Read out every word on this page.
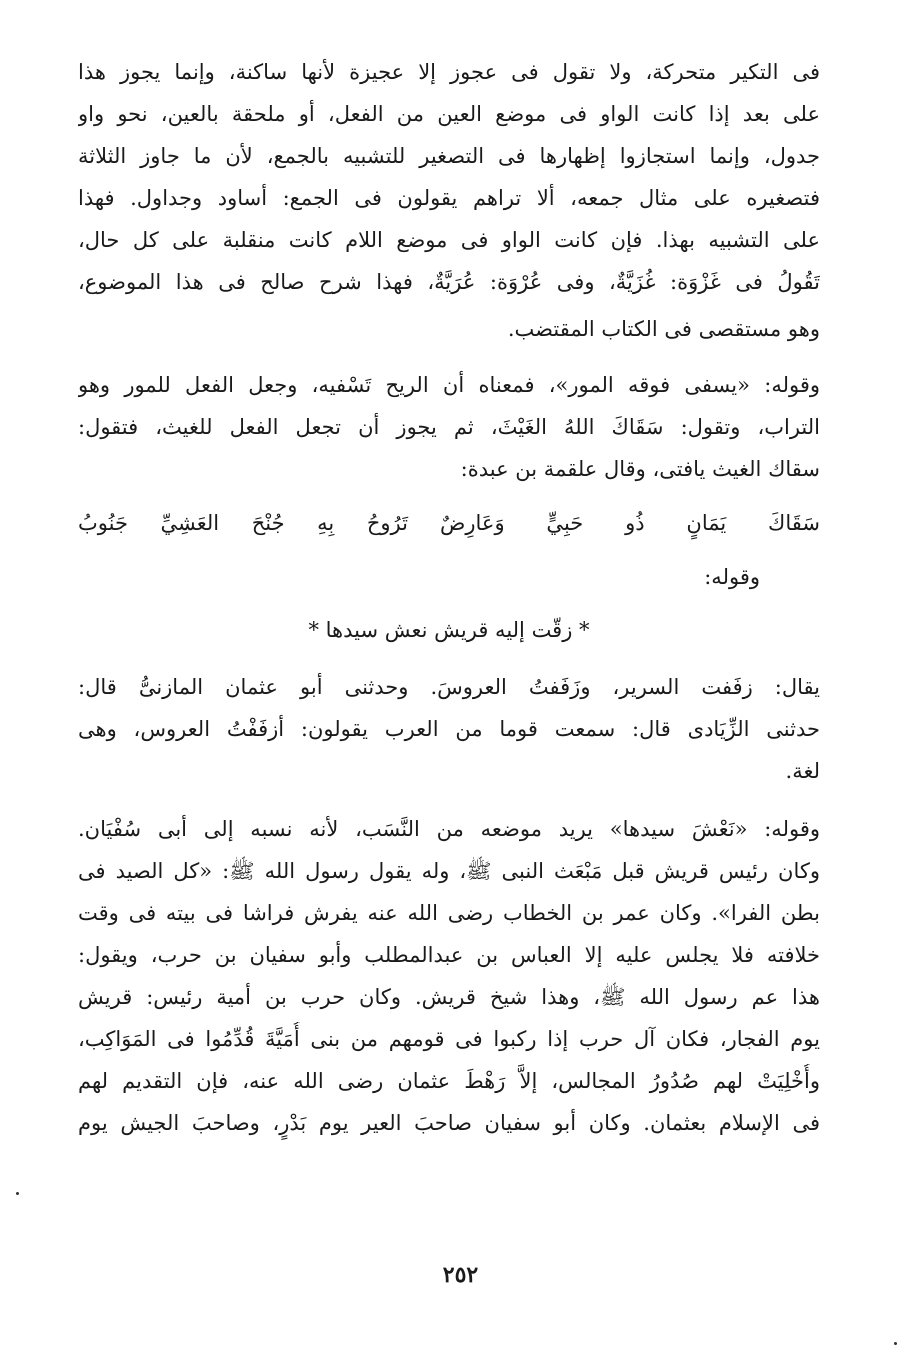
فى التكير متحركة، ولا تقول فى عجوز إلا عجيزة لأنها ساكنة، وإنما يجوز هذا
على بعد إذا كانت الواو فى موضع العين من الفعل، أو ملحقة بالعين، نحو واو
جدول، وإنما استجازوا إظهارها فى التصغير للتشبيه بالجمع، لأن ما جاوز الثلاثة
فتصغيره على مثال جمعه، ألا تراهم يقولون فى الجمع: أساود وجداول. فهذا
على التشبيه بهذا. فإن كانت الواو فى موضع اللام كانت منقلبة على كل حال،
تَقُولُ فى غَزْوَة: غُزَيَّةٌ، وفى عُرْوَة: عُرَيَّةٌ، فهذا شرح صالح فى هذا الموضوع،
وهو مستقصى فى الكتاب المقتضب.
وقوله: «يسفى فوقه المور»، فمعناه أن الريح تَسْفيه، وجعل الفعل للمور وهو
التراب، وتقول: سَقَاكَ اللهُ الغَيْثَ، ثم يجوز أن تجعل الفعل للغيث، فتقول:
سقاك الغيث يافتى، وقال علقمة بن عبدة:
سَقَاكَ يَمَانٍ ذُو حَبِيٍّ وَعَارِضٌ
تَرُوحُ بِهِ جُنْحَ العَشِيِّ جَنُوبُ
وقوله:
* زقّت إليه قريش نعش سيدها *
يقال: زفَفت السرير، وزَفَفتُ العروسَ. وحدثنى أبو عثمان المازنىُّ قال:
حدثنى الزِّيَادى قال: سمعت قوما من العرب يقولون: أزفَفْتُ العروس، وهى
لغة.
وقوله: «نَعْشَ سيدها» يريد موضعه من النَّسَب، لأنه نسبه إلى أبى سُفْيَان.
وكان رئيس قريش قبل مَبْعَث النبى ﷺ، وله يقول رسول الله ﷺ: «كل الصيد فى
بطن الفرا». وكان عمر بن الخطاب رضى الله عنه يفرش فراشا فى بيته فى وقت
خلافته فلا يجلس عليه إلا العباس بن عبدالمطلب وأبو سفيان بن حرب، ويقول:
هذا عم رسول الله ﷺ، وهذا شيخ قريش. وكان حرب بن أمية رئيس: قريش
يوم الفجار، فكان آل حرب إذا ركبوا فى قومهم من بنى أُمَيَّةَ قُدِّمُوا فى المَوَاكِب،
وأُخْلِيَتْ لهم صُدُورُ المجالس، إلاَّ رَهْطَ عثمان رضى الله عنه، فإن التقديم لهم
فى الإسلام بعثمان. وكان أبو سفيان صاحبَ العير يوم بَدْرٍ، وصاحبَ الجيش يوم
٢٥٢
